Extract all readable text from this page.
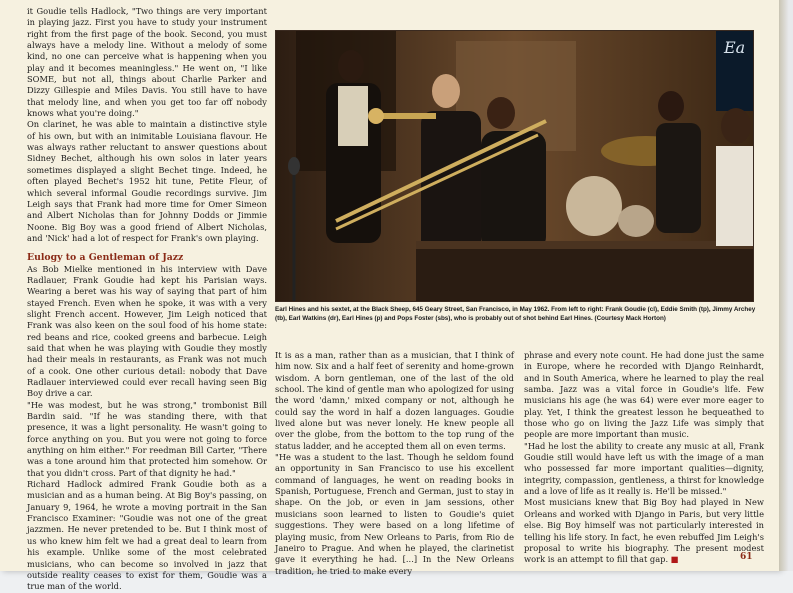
it Goudie tells Hadlock, "Two things are very important in playing jazz. First you have to study your instrument right from the first page of the book. Second, you must always have a melody line. Without a melody of some kind, no one can perceive what is happening when you play and it becomes meaningless." He went on, "I like SOME, but not all, things about Charlie Parker and Dizzy Gillespie and Miles Davis. You still have to have that melody line, and when you get too far off nobody knows what you're doing."

On clarinet, he was able to maintain a distinctive style of his own, but with an inimitable Louisiana flavour. He was always rather reluctant to answer questions about Sidney Bechet, although his own solos in later years sometimes displayed a slight Bechet tinge. Indeed, he often played Bechet's 1952 hit tune, Petite Fleur, of which several informal Goudie recordings survive. Jim Leigh says that Frank had more time for Omer Simeon and Albert Nicholas than for Johnny Dodds or Jimmie Noone. Big Boy was a good friend of Albert Nicholas, and 'Nick' had a lot of respect for Frank's own playing.

Eulogy to a Gentleman of Jazz

As Bob Mielke mentioned in his interview with Dave Radlauer, Frank Goudie had kept his Parisian ways. Wearing a beret was his way of saying that part of him stayed French. Even when he spoke, it was with a very slight French accent. However, Jim Leigh noticed that Frank was also keen on the soul food of his home state: red beans and rice, cooked greens and barbecue. Leigh said that when he was playing with Goudie they mostly had their meals in restaurants, as Frank was not much of a cook. One other curious detail: nobody that Dave Radlauer interviewed could ever recall having seen Big Boy drive a car.

"He was modest, but he was strong," trombonist Bill Bardin said. "If he was standing there, with that presence, it was a light personality. He wasn't going to force anything on you. But you were not going to force anything on him either." For reedman Bill Carter, "There was a tone around him that protected him somehow. Or that you didn't cross. Part of that dignity he had."

Richard Hadlock admired Frank Goudie both as a musician and as a human being. At Big Boy's passing, on January 9, 1964, he wrote a moving portrait in the San Francisco Examiner: "Goudie was not one of the great jazzmen. He never pretended to be. But I think most of us who knew him felt we had a great deal to learn from his example. Unlike some of the most celebrated musicians, who can become so involved in jazz that outside reality ceases to exist for them, Goudie was a true man of the world.

Ea
Earl Hines and his sextet, at the Black Sheep, 645 Geary Street, San Francisco, in May 1962. From left to right: Frank Goudie (cl), Eddie Smith (tp), Jimmy Archey (tb), Earl Watkins (dr), Earl Hines (p) and Pops Foster (sbs), who is probably out of shot behind Earl Hines. (Courtesy Mack Horton)

It is as a man, rather than as a musician, that I think of him now. Six and a half feet of serenity and home-grown wisdom. A born gentleman, one of the last of the old school. The kind of gentle man who apologized for using the word 'damn,' mixed company or not, although he could say the word in half a dozen languages. Goudie lived alone but was never lonely. He knew people all over the globe, from the bottom to the top rung of the status ladder, and he accepted them all on even terms.

"He was a student to the last. Though he seldom found an opportunity in San Francisco to use his excellent command of languages, he went on reading books in Spanish, Portuguese, French and German, just to stay in shape. On the job, or even in jam sessions, other musicians soon learned to listen to Goudie's quiet suggestions. They were based on a long lifetime of playing music, from New Orleans to Paris, from Rio de Janeiro to Prague. And when he played, the clarinetist gave it everything he had. [...] In the New Orleans tradition, he tried to make every

phrase and every note count. He had done just the same in Europe, where he recorded with Django Reinhardt, and in South America, where he learned to play the real samba. Jazz was a vital force in Goudie's life. Few musicians his age (he was 64) were ever more eager to play. Yet, I think the greatest lesson he bequeathed to those who go on living the Jazz Life was simply that people are more important than music.

"Had he lost the ability to create any music at all, Frank Goudie still would have left us with the image of a man who possessed far more important qualities—dignity, integrity, compassion, gentleness, a thirst for knowledge and a love of life as it really is. He'll be missed."

Most musicians knew that Big Boy had played in New Orleans and worked with Django in Paris, but very little else. Big Boy himself was not particularly interested in telling his life story. In fact, he even rebuffed Jim Leigh's proposal to write his biography. The present modest work is an attempt to fill that gap. ■	61
